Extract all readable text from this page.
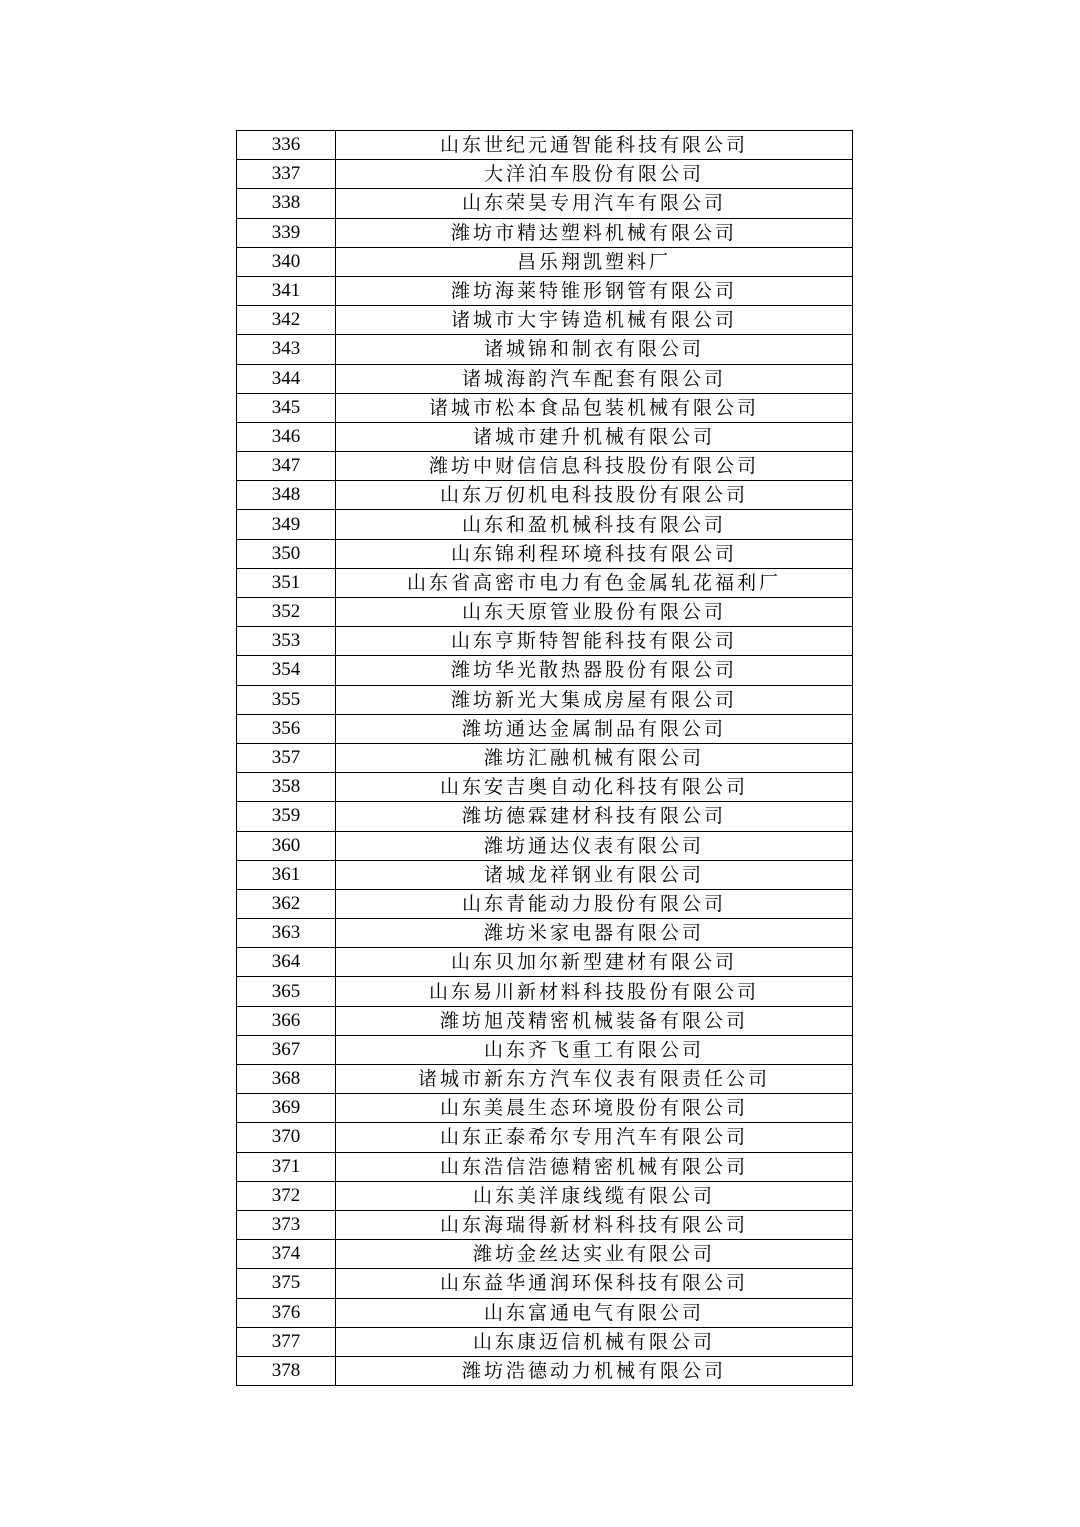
336	山东世纪元通智能科技有限公司
337	大洋泊车股份有限公司
338	山东荣昊专用汽车有限公司
339	潍坊市精达塑料机械有限公司
340	昌乐翔凯塑料厂
341	潍坊海莱特锥形钢管有限公司
342	诸城市大宇铸造机械有限公司
343	诸城锦和制衣有限公司
344	诸城海韵汽车配套有限公司
345	诸城市松本食品包装机械有限公司
346	诸城市建升机械有限公司
347	潍坊中财信信息科技股份有限公司
348	山东万仞机电科技股份有限公司
349	山东和盈机械科技有限公司
350	山东锦利程环境科技有限公司
351	山东省高密市电力有色金属轧花福利厂
352	山东天原管业股份有限公司
353	山东亨斯特智能科技有限公司
354	潍坊华光散热器股份有限公司
355	潍坊新光大集成房屋有限公司
356	潍坊通达金属制品有限公司
357	潍坊汇融机械有限公司
358	山东安吉奥自动化科技有限公司
359	潍坊德霖建材科技有限公司
360	潍坊通达仪表有限公司
361	诸城龙祥钢业有限公司
362	山东青能动力股份有限公司
363	潍坊米家电器有限公司
364	山东贝加尔新型建材有限公司
365	山东易川新材料科技股份有限公司
366	潍坊旭茂精密机械装备有限公司
367	山东齐飞重工有限公司
368	诸城市新东方汽车仪表有限责任公司
369	山东美晨生态环境股份有限公司
370	山东正泰希尔专用汽车有限公司
371	山东浩信浩德精密机械有限公司
372	山东美洋康线缆有限公司
373	山东海瑞得新材料科技有限公司
374	潍坊金丝达实业有限公司
375	山东益华通润环保科技有限公司
376	山东富通电气有限公司
377	山东康迈信机械有限公司
378	潍坊浩德动力机械有限公司
